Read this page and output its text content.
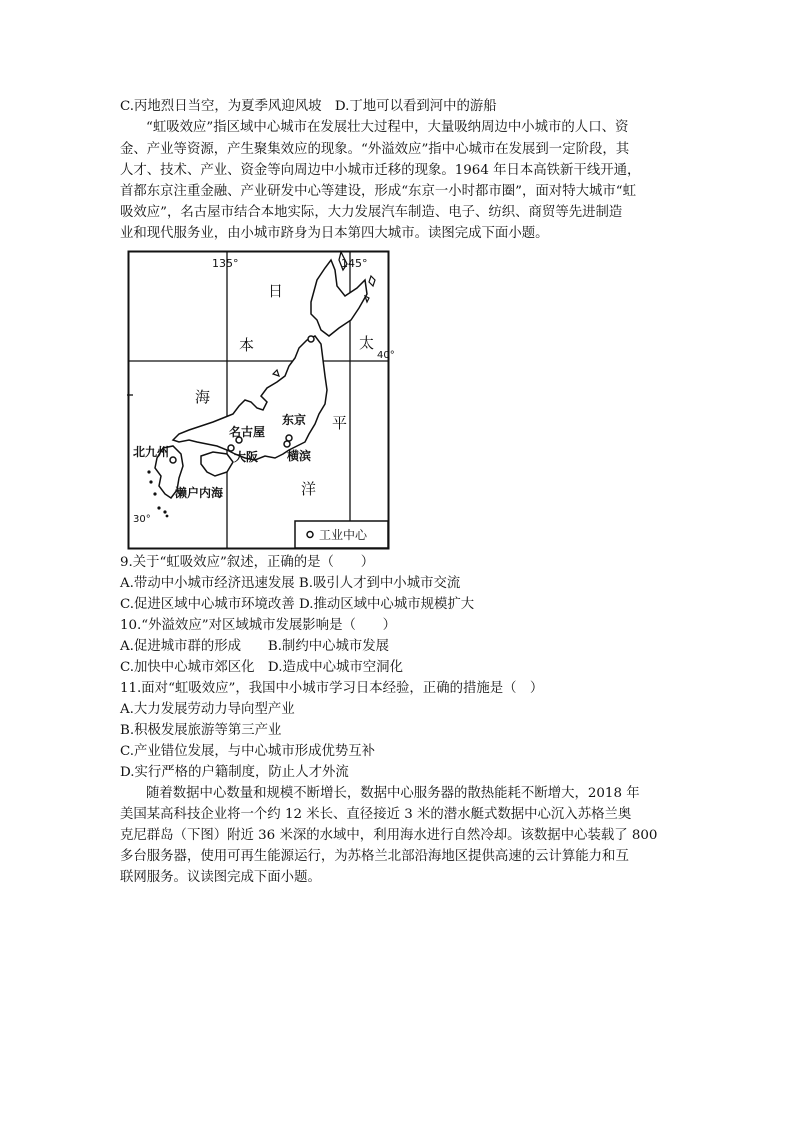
C.丙地烈日当空，为夏季风迎风坡　D.丁地可以看到河中的游船
“虹吸效应”指区域中心城市在发展壮大过程中，大量吸纳周边中小城市的人口、资
金、产业等资源，产生聚集效应的现象。“外溢效应”指中心城市在发展到一定阶段，其
人才、技术、产业、资金等向周边中小城市迁移的现象。1964 年日本高铁新干线开通，
首都东京注重金融、产业研发中心等建设，形成“东京一小时都市圈”，面对特大城市“虹
吸效应”，名古屋市结合本地实际，大力发展汽车制造、电子、纺织、商贸等先进制造
业和现代服务业，由小城市跻身为日本第四大城市。读图完成下面小题。
135°	145°
40°
30°
日
本
海
太
平
洋
东京
名古屋
大阪 横滨
北九州
濑户内海
工业中心
9.关于“虹吸效应”叙述，正确的是（　　）
A.带动中小城市经济迅速发展 B.吸引人才到中小城市交流
C.促进区域中心城市环境改善 D.推动区域中心城市规模扩大
10.“外溢效应”对区域城市发展影响是（　　）
A.促进城市群的形成　　B.制约中心城市发展
C.加快中心城市郊区化　D.造成中心城市空洞化
11.面对“虹吸效应”，我国中小城市学习日本经验，正确的措施是（　）
A.大力发展劳动力导向型产业
B.积极发展旅游等第三产业
C.产业错位发展，与中心城市形成优势互补
D.实行严格的户籍制度，防止人才外流
随着数据中心数量和规模不断增长，数据中心服务器的散热能耗不断增大，2018 年
美国某高科技企业将一个约 12 米长、直径接近 3 米的潜水艇式数据中心沉入苏格兰奥
克尼群岛（下图）附近 36 米深的水域中，利用海水进行自然冷却。该数据中心装载了 800
多台服务器，使用可再生能源运行，为苏格兰北部沿海地区提供高速的云计算能力和互
联网服务。议读图完成下面小题。
